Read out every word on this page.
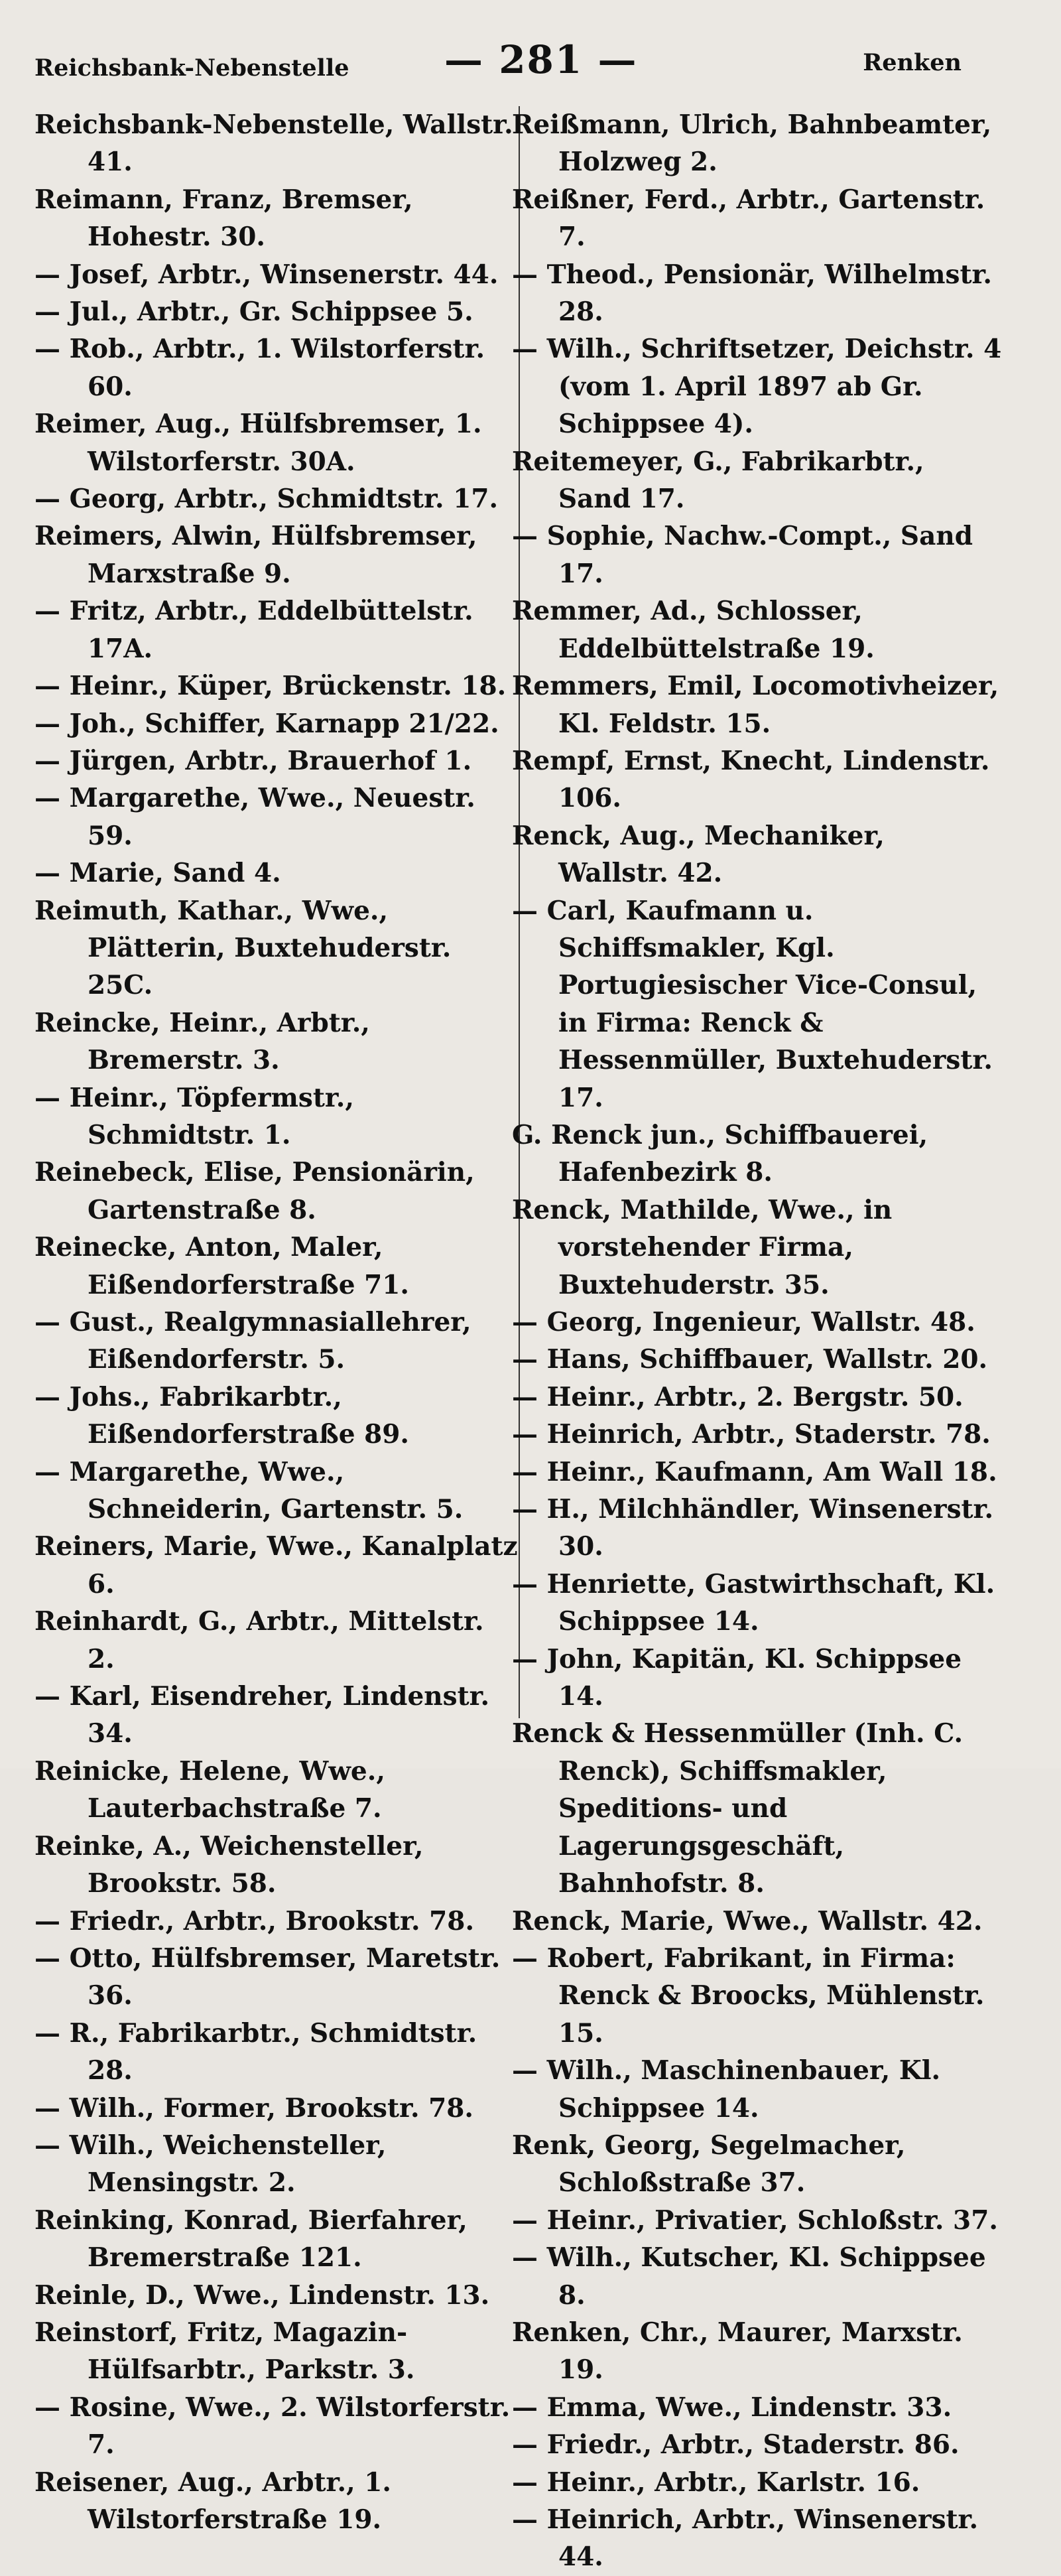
Reichsbank-Nebenstelle — 281 —	Renken

Reichsbank-Nebenstelle, Wallstr. 41.

Reimann, Franz, Bremser, Hohestr. 30.

— Josef, Arbtr., Winsenerstr. 44.

— Jul., Arbtr., Gr. Schippsee 5.

— Rob., Arbtr., 1. Wilstorferstr. 60.

Reimer, Aug., Hülfsbremser, 1. Wilstorferstr. 30A.

— Georg, Arbtr., Schmidtstr. 17.

Reimers, Alwin, Hülfsbremser, Marxstraße 9.

— Fritz, Arbtr., Eddelbüttelstr. 17A.

— Heinr., Küper, Brückenstr. 18.

— Joh., Schiffer, Karnapp 21/22.

— Jürgen, Arbtr., Brauerhof 1.

— Margarethe, Wwe., Neuestr. 59.

— Marie, Sand 4.

Reimuth, Kathar., Wwe., Plätterin, Buxtehuderstr. 25C.

Reincke, Heinr., Arbtr., Bremerstr. 3.

— Heinr., Töpfermstr., Schmidtstr. 1.

Reinebeck, Elise, Pensionärin, Gartenstraße 8.

Reinecke, Anton, Maler, Eißendorferstraße 71.

— Gust., Realgymnasiallehrer, Eißendorferstr. 5.

— Johs., Fabrikarbtr., Eißendorferstraße 89.

— Margarethe, Wwe., Schneiderin, Gartenstr. 5.

Reiners, Marie, Wwe., Kanalplatz 6.

Reinhardt, G., Arbtr., Mittelstr. 2.

— Karl, Eisendreher, Lindenstr. 34.

Reinicke, Helene, Wwe., Lauterbachstraße 7.

Reinke, A., Weichensteller, Brookstr. 58.

— Friedr., Arbtr., Brookstr. 78.

— Otto, Hülfsbremser, Maretstr. 36.

— R., Fabrikarbtr., Schmidtstr. 28.

— Wilh., Former, Brookstr. 78.

— Wilh., Weichensteller, Mensingstr. 2.

Reinking, Konrad, Bierfahrer, Bremerstraße 121.

Reinle, D., Wwe., Lindenstr. 13.

Reinstorf, Fritz, Magazin-Hülfsarbtr., Parkstr. 3.

— Rosine, Wwe., 2. Wilstorferstr. 7.

Reisener, Aug., Arbtr., 1. Wilstorferstraße 19.

Reißmann, Ulrich, Bahnbeamter, Holzweg 2.

Reißner, Ferd., Arbtr., Gartenstr. 7.

— Theod., Pensionär, Wilhelmstr. 28.

— Wilh., Schriftsetzer, Deichstr. 4 (vom 1. April 1897 ab Gr. Schippsee 4).

Reitemeyer, G., Fabrikarbtr., Sand 17.

— Sophie, Nachw.-Compt., Sand 17.

Remmer, Ad., Schlosser, Eddelbüttelstraße 19.

Remmers, Emil, Locomotivheizer, Kl. Feldstr. 15.

Rempf, Ernst, Knecht, Lindenstr. 106.

Renck, Aug., Mechaniker, Wallstr. 42.

— Carl, Kaufmann u. Schiffsmakler, Kgl. Portugiesischer Vice-Consul, in Firma: Renck & Hessenmüller, Buxtehuderstr. 17.

G. Renck jun., Schiffbauerei, Hafenbezirk 8.

Renck, Mathilde, Wwe., in vorstehender Firma, Buxtehuderstr. 35.

— Georg, Ingenieur, Wallstr. 48.

— Hans, Schiffbauer, Wallstr. 20.

— Heinr., Arbtr., 2. Bergstr. 50.

— Heinrich, Arbtr., Staderstr. 78.

— Heinr., Kaufmann, Am Wall 18.

— H., Milchhändler, Winsenerstr. 30.

— Henriette, Gastwirthschaft, Kl. Schippsee 14.

— John, Kapitän, Kl. Schippsee 14.

Renck & Hessenmüller (Inh. C. Renck), Schiffsmakler, Speditions- und Lagerungsgeschäft, Bahnhofstr. 8.

Renck, Marie, Wwe., Wallstr. 42.

— Robert, Fabrikant, in Firma: Renck & Broocks, Mühlenstr. 15.

— Wilh., Maschinenbauer, Kl. Schippsee 14.

Renk, Georg, Segelmacher, Schloßstraße 37.

— Heinr., Privatier, Schloßstr. 37.

— Wilh., Kutscher, Kl. Schippsee 8.

Renken, Chr., Maurer, Marxstr. 19.

— Emma, Wwe., Lindenstr. 33.

— Friedr., Arbtr., Staderstr. 86.

— Heinr., Arbtr., Karlstr. 16.

— Heinrich, Arbtr., Winsenerstr. 44.
